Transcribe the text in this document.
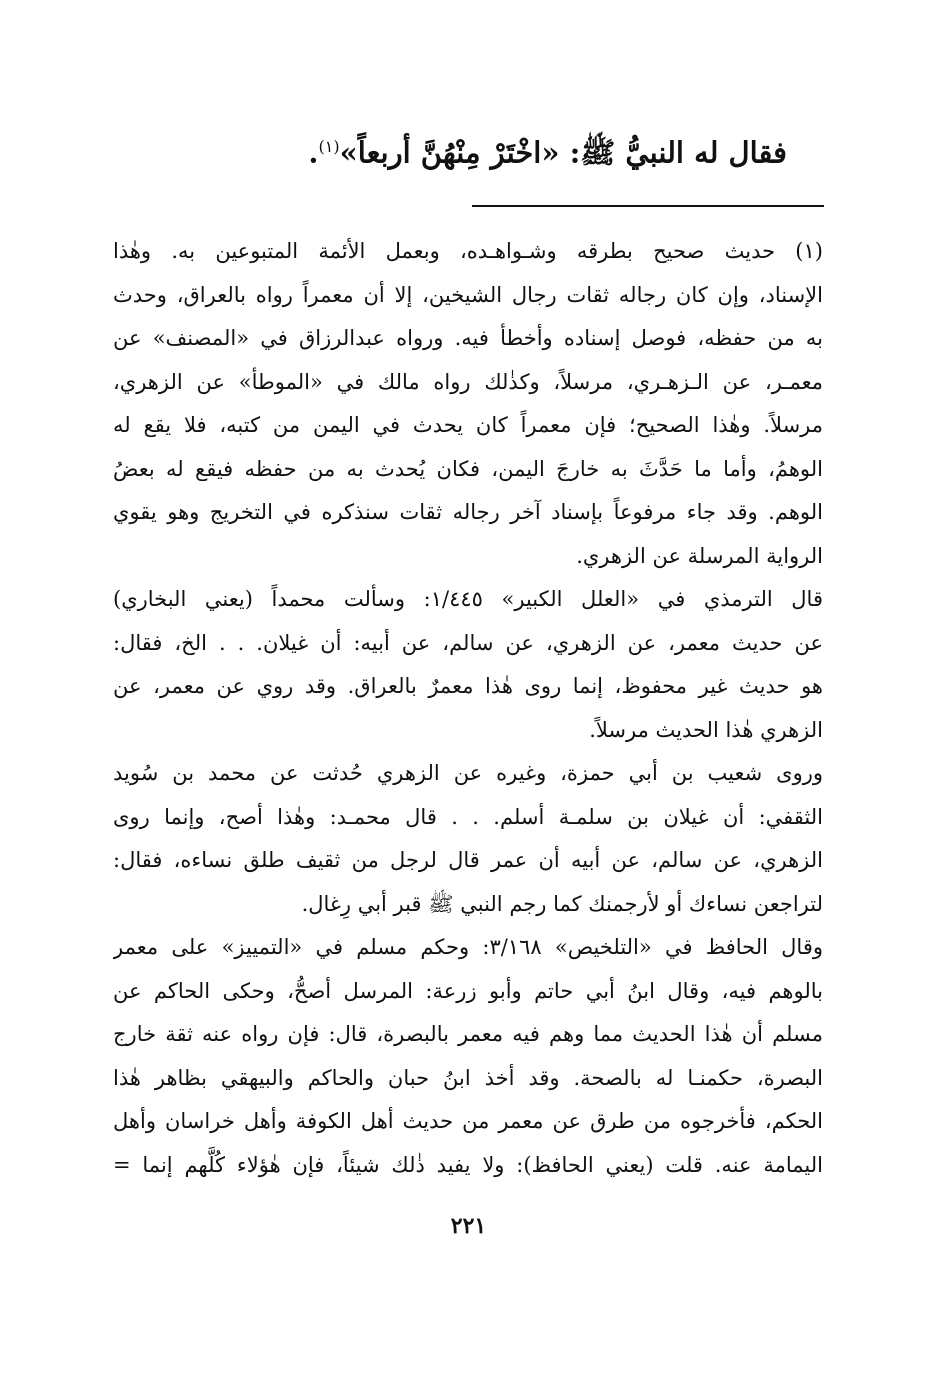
فقال له النبيُّ ﷺ: «اخْتَرْ مِنْهُنَّ أربعاً»$^{(١)}$.
(١) حديث صحيح بطرقه وشـواهـده، وبعمل الأئمة المتبوعين به. وهٰذا
الإسناد، وإن كان رجاله ثقات رجال الشيخين، إلا أن معمراً رواه بالعراق، وحدث
به من حفظه، فوصل إسناده وأخطأ فيه. ورواه عبدالرزاق في «المصنف» عن
معمـر، عن الـزهـري، مرسلاً، وكذٰلك رواه مالك في «الموطأ» عن الزهري،
مرسلاً. وهٰذا الصحيح؛ فإن معمراً كان يحدث في اليمن من كتبه، فلا يقع له
الوهمُ، وأما ما حَدَّثَ به خارجَ اليمن، فكان يُحدث به من حفظه فيقع له بعضُ
الوهم. وقد جاء مرفوعاً بإسناد آخر رجاله ثقات سنذكره في التخريج وهو يقوي
الرواية المرسلة عن الزهري.
قال الترمذي في «العلل الكبير» ١/٤٤٥: وسألت محمداً (يعني البخاري)
عن حديث معمر، عن الزهري، عن سالم، عن أبيه: أن غيلان. . . الخ، فقال:
هو حديث غير محفوظ، إنما روى هٰذا معمرٌ بالعراق. وقد روي عن معمر، عن
الزهري هٰذا الحديث مرسلاً.
وروى شعيب بن أبي حمزة، وغيره عن الزهري حُدثت عن محمد بن سُويد
الثقفي: أن غيلان بن سلمـة أسلم. . . قال محمـد: وهٰذا أصح، وإنما روى
الزهري، عن سالم، عن أبيه أن عمر قال لرجل من ثقيف طلق نساءه، فقال:
لتراجعن نساءك أو لأرجمنك كما رجم النبي ﷺ قبر أبي رِغال.
وقال الحافظ في «التلخيص» ٣/١٦٨: وحكم مسلم في «التمييز» على معمر
بالوهم فيه، وقال ابنُ أبي حاتم وأبو زرعة: المرسل أصحُّ، وحكى الحاكم عن
مسلم أن هٰذا الحديث مما وهم فيه معمر بالبصرة، قال: فإن رواه عنه ثقة خارج
البصرة، حكمنـا له بالصحة. وقد أخذ ابنُ حبان والحاكم والبيهقي بظاهر هٰذا
الحكم، فأخرجوه من طرق عن معمر من حديث أهل الكوفة وأهل خراسان وأهل
اليمامة عنه. قلت (يعني الحافظ): ولا يفيد ذٰلك شيئاً، فإن هٰؤلاء كُلَّهم إنما =
٢٢١
